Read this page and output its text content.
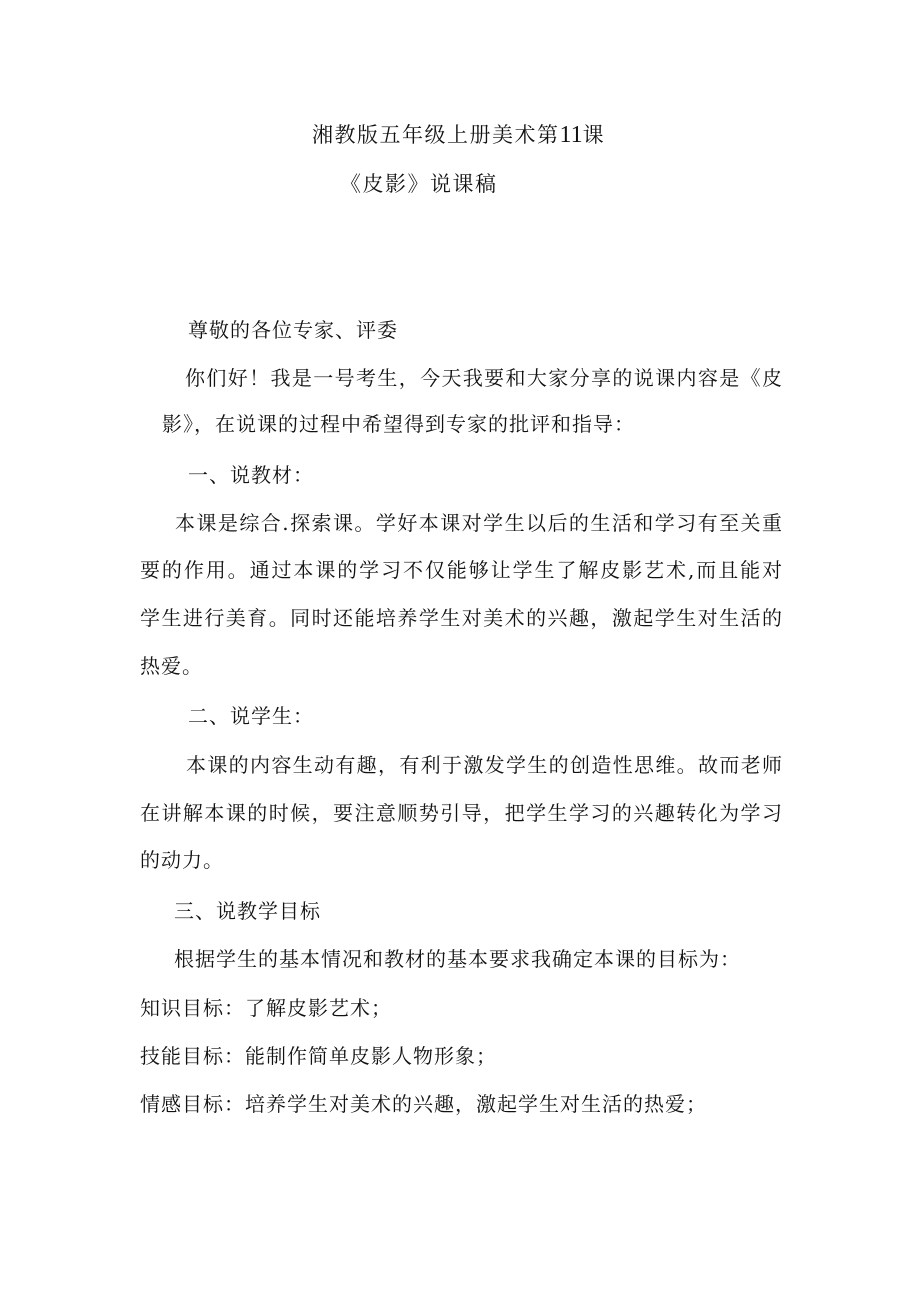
湘教版五年级上册美术第11课
《皮影》说课稿
尊敬的各位专家、评委
你们好！我是一号考生，今天我要和大家分享的说课内容是《皮
影》，在说课的过程中希望得到专家的批评和指导：
一、说教材：
本课是综合.探索课。学好本课对学生以后的生活和学习有至关重
要的作用。通过本课的学习不仅能够让学生了解皮影艺术,而且能对
学生进行美育。同时还能培养学生对美术的兴趣，激起学生对生活的
热爱。
二、说学生：
本课的内容生动有趣，有利于激发学生的创造性思维。故而老师
在讲解本课的时候，要注意顺势引导，把学生学习的兴趣转化为学习
的动力。
三、说教学目标
根据学生的基本情况和教材的基本要求我确定本课的目标为：
知识目标：了解皮影艺术；
技能目标：能制作简单皮影人物形象；
情感目标：培养学生对美术的兴趣，激起学生对生活的热爱；
